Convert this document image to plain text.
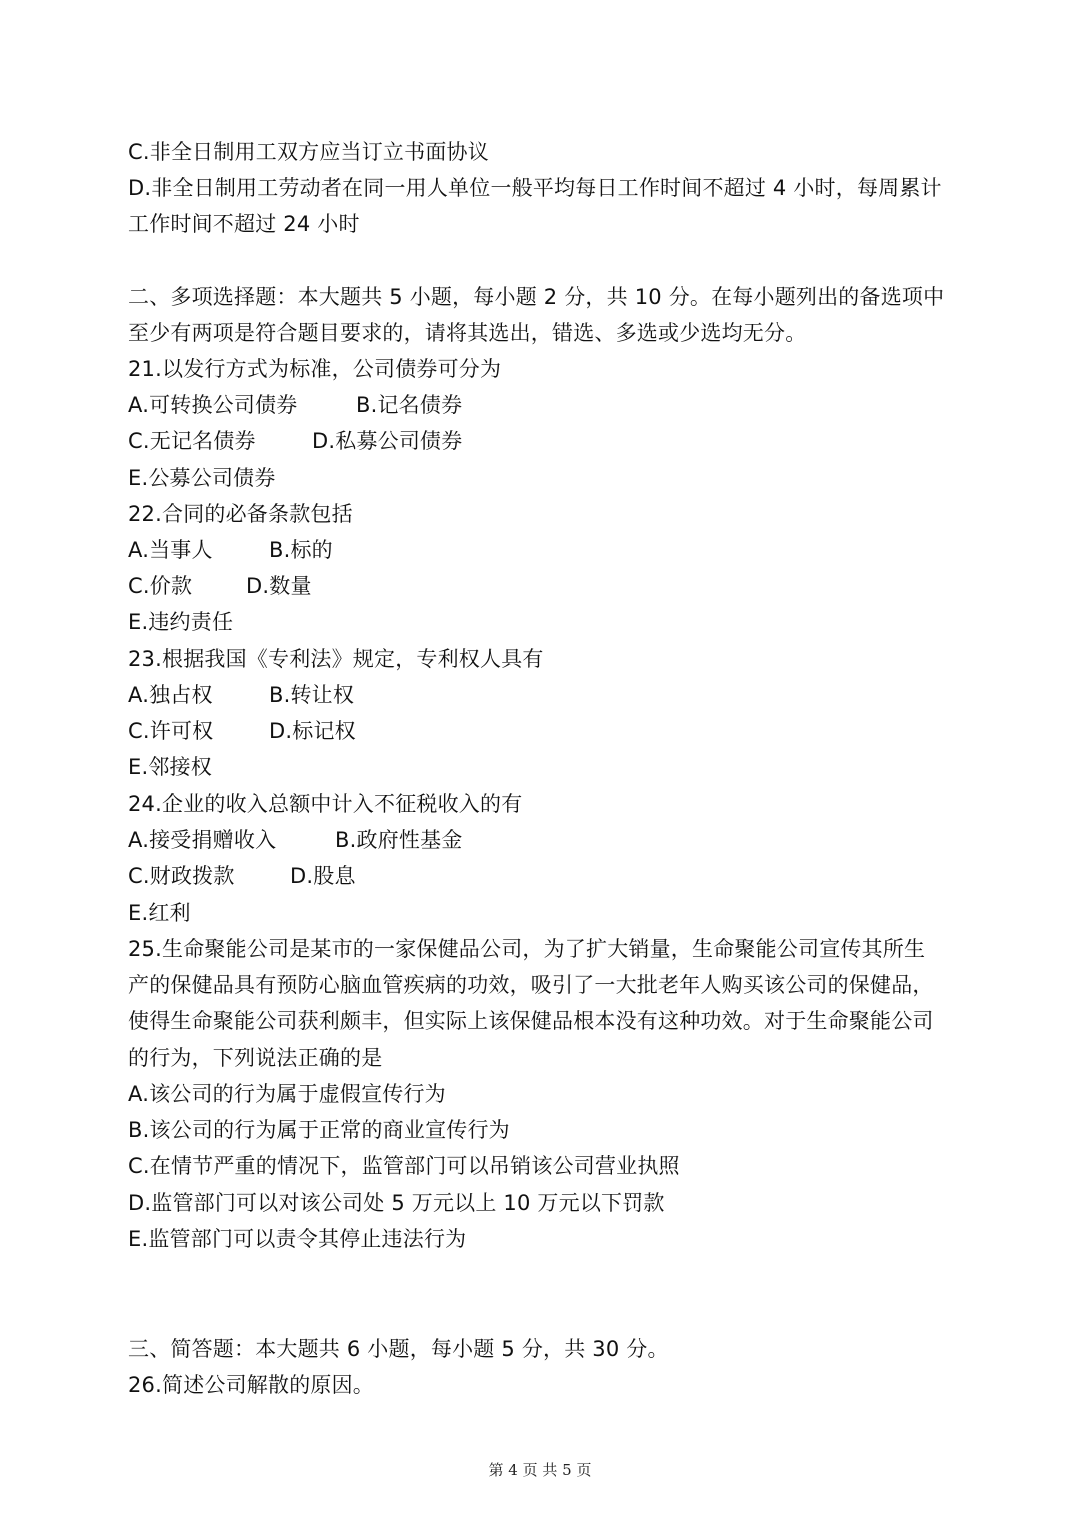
C.非全日制用工双方应当订立书面协议
D.非全日制用工劳动者在同一用人单位一般平均每日工作时间不超过 4 小时，每周累计
工作时间不超过 24 小时
二、多项选择题：本大题共 5 小题，每小题 2 分，共 10 分。在每小题列出的备选项中
至少有两项是符合题目要求的，请将其选出，错选、多选或少选均无分。
21.以发行方式为标准，公司债券可分为
A.可转换公司债券	B.记名债券
C.无记名债券	D.私募公司债券
E.公募公司债券
22.合同的必备条款包括
A.当事人	B.标的
C.价款	D.数量
E.违约责任
23.根据我国《专利法》规定，专利权人具有
A.独占权	B.转让权
C.许可权	D.标记权
E.邻接权
24.企业的收入总额中计入不征税收入的有
A.接受捐赠收入	B.政府性基金
C.财政拨款	D.股息
E.红利
25.生命聚能公司是某市的一家保健品公司，为了扩大销量，生命聚能公司宣传其所生
产的保健品具有预防心脑血管疾病的功效，吸引了一大批老年人购买该公司的保健品，
使得生命聚能公司获利颇丰，但实际上该保健品根本没有这种功效。对于生命聚能公司
的行为，下列说法正确的是
A.该公司的行为属于虚假宣传行为
B.该公司的行为属于正常的商业宣传行为
C.在情节严重的情况下，监管部门可以吊销该公司营业执照
D.监管部门可以对该公司处 5 万元以上 10 万元以下罚款
E.监管部门可以责令其停止违法行为
三、简答题：本大题共 6 小题，每小题 5 分，共 30 分。
26.简述公司解散的原因。
第 4 页 共 5 页
